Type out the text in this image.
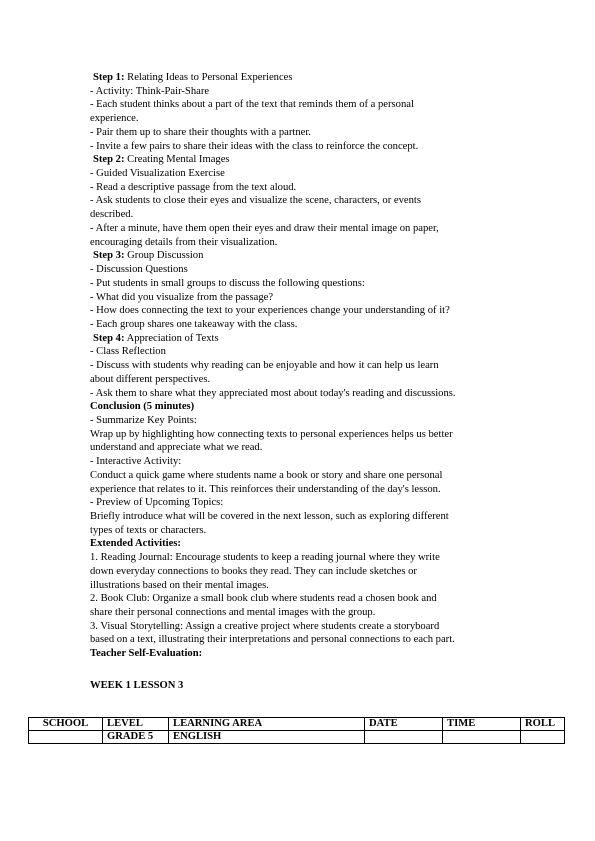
Step 1: Relating Ideas to Personal Experiences

- Activity: Think-Pair-Share

- Each student thinks about a part of the text that reminds them of a personal

experience.

- Pair them up to share their thoughts with a partner.

- Invite a few pairs to share their ideas with the class to reinforce the concept.

Step 2: Creating Mental Images

- Guided Visualization Exercise

- Read a descriptive passage from the text aloud.

- Ask students to close their eyes and visualize the scene, characters, or events

described.

- After a minute, have them open their eyes and draw their mental image on paper,

encouraging details from their visualization.

Step 3: Group Discussion

- Discussion Questions

- Put students in small groups to discuss the following questions:

- What did you visualize from the passage?

- How does connecting the text to your experiences change your understanding of it?

- Each group shares one takeaway with the class.

Step 4: Appreciation of Texts

- Class Reflection

- Discuss with students why reading can be enjoyable and how it can help us learn

about different perspectives.

- Ask them to share what they appreciated most about today's reading and discussions.

Conclusion (5 minutes)

- Summarize Key Points:

Wrap up by highlighting how connecting texts to personal experiences helps us better

understand and appreciate what we read.

- Interactive Activity:

Conduct a quick game where students name a book or story and share one personal

experience that relates to it. This reinforces their understanding of the day's lesson.

- Preview of Upcoming Topics:

Briefly introduce what will be covered in the next lesson, such as exploring different

types of texts or characters.

Extended Activities:

1. Reading Journal: Encourage students to keep a reading journal where they write

down everyday connections to books they read. They can include sketches or

illustrations based on their mental images.

2. Book Club: Organize a small book club where students read a chosen book and

share their personal connections and mental images with the group.

3. Visual Storytelling: Assign a creative project where students create a storyboard

based on a text, illustrating their interpretations and personal connections to each part.

Teacher Self-Evaluation:

WEEK 1 LESSON 3
SCHOOL	LEVEL	LEARNING AREA	DATE	TIME	ROLL
	GRADE 5	ENGLISH			
